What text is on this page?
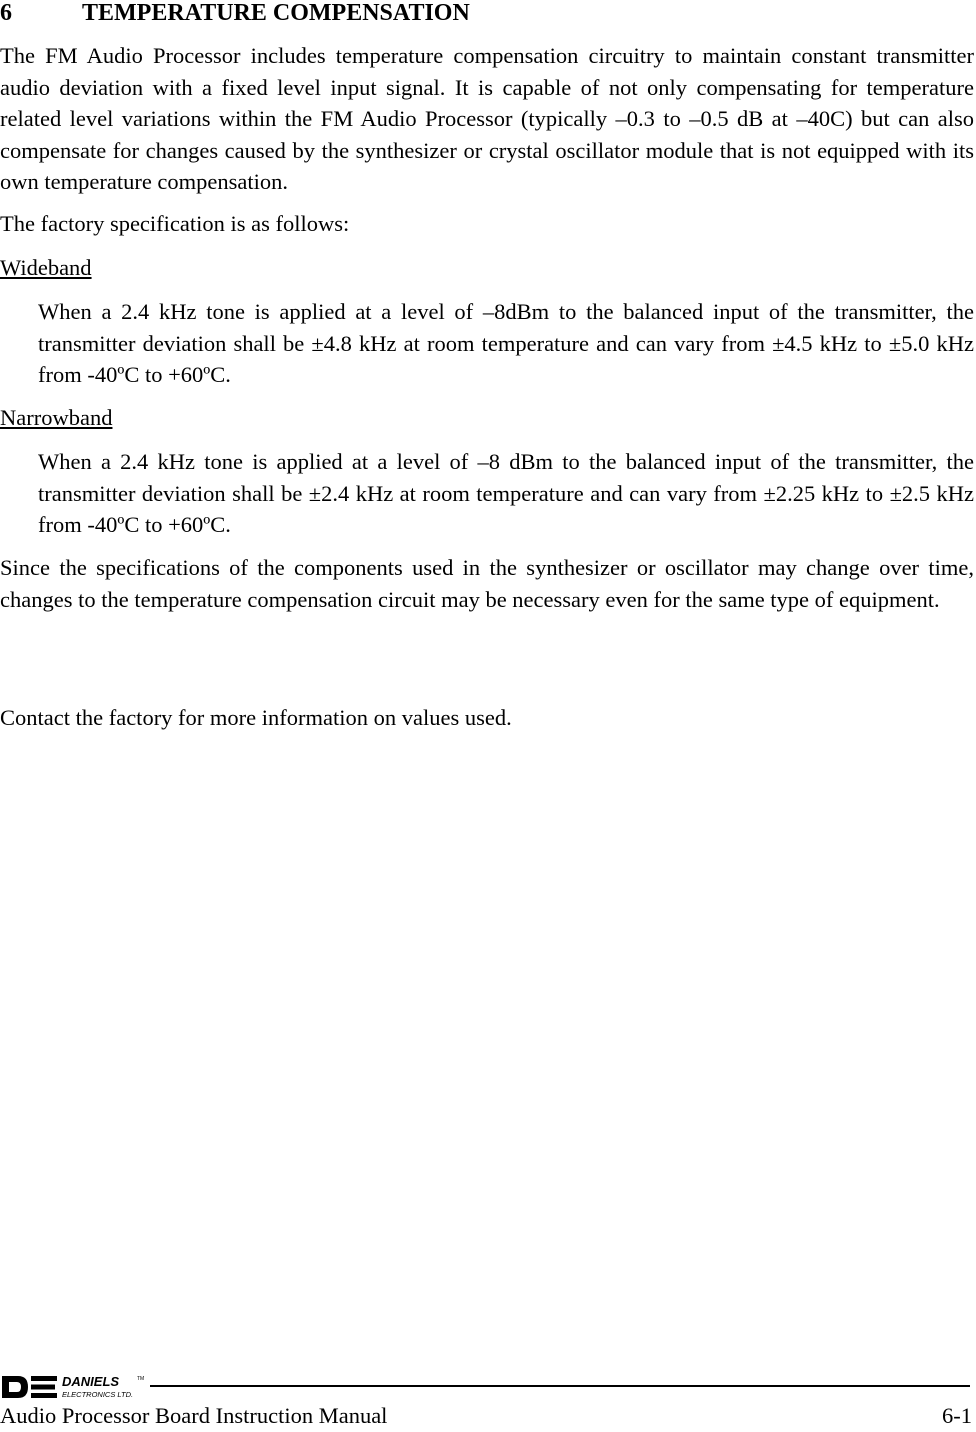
6	TEMPERATURE COMPENSATION

The FM Audio Processor includes temperature compensation circuitry to maintain constant transmitter audio deviation with a fixed level input signal. It is capable of not only compensating for temperature related level variations within the FM Audio Processor (typically –0.3 to –0.5 dB at –40C) but can also compensate for changes caused by the synthesizer or crystal oscillator module that is not equipped with its own temperature compensation.

The factory specification is as follows:

Wideband

When a 2.4 kHz tone is applied at a level of –8dBm to the balanced input of the transmitter, the transmitter deviation shall be ±4.8 kHz at room temperature and can vary from ±4.5 kHz to ±5.0 kHz from -40ºC to +60ºC.

Narrowband

When a 2.4 kHz tone is applied at a level of –8 dBm to the balanced input of the transmitter, the transmitter deviation shall be ±2.4 kHz at room temperature and can vary from ±2.25 kHz to ±2.5 kHz from -40ºC to +60ºC.

Since the specifications of the components used in the synthesizer or oscillator may change over time, changes to the temperature compensation circuit may be necessary even for the same type of equipment.

Contact the factory for more information on values used.

DANIELS	TM
ELECTRONICS LTD.
Audio Processor Board Instruction Manual	6-1
